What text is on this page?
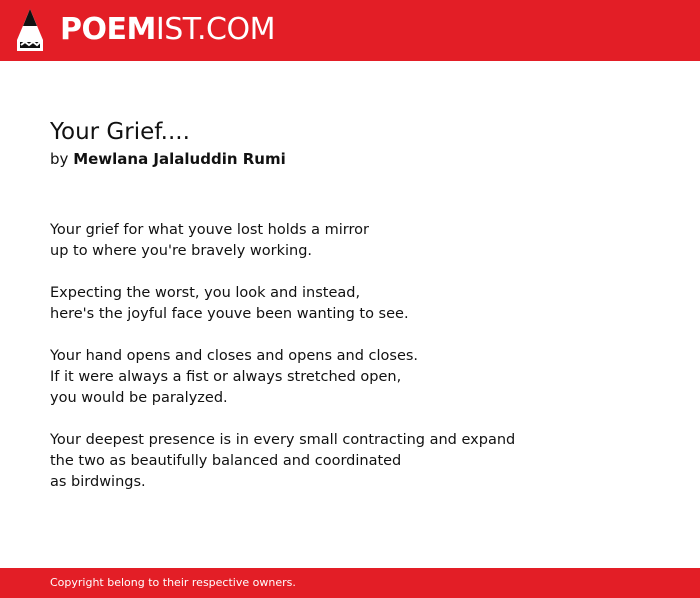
POEMIST.COM
Your Grief....
by Mewlana Jalaluddin Rumi

Your grief for what youve lost holds a mirror
up to where you're bravely working.

Expecting the worst, you look and instead,
here's the joyful face youve been wanting to see.

Your hand opens and closes and opens and closes.
If it were always a fist or always stretched open,
you would be paralyzed.

Your deepest presence is in every small contracting and expand
the two as beautifully balanced and coordinated
as birdwings.

Copyright belong to their respective owners.
